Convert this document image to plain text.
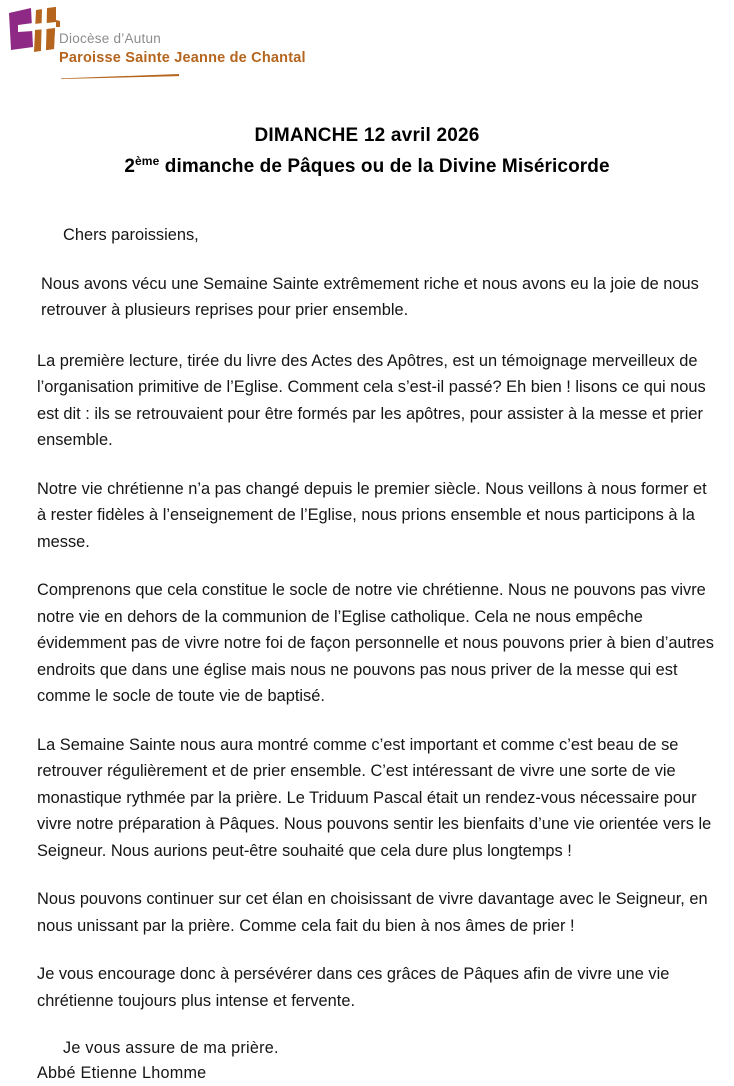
Diocèse d’Autun
Paroisse Sainte Jeanne de Chantal
DIMANCHE 12 avril 2026
2ème dimanche de Pâques ou de la Divine Miséricorde

Chers paroissiens,

Nous avons vécu une Semaine Sainte extrêmement riche et nous avons eu la joie de nous retrouver à plusieurs reprises pour prier ensemble.

La première lecture, tirée du livre des Actes des Apôtres, est un témoignage merveilleux de l’organisation primitive de l’Eglise. Comment cela s’est-il passé? Eh bien ! lisons ce qui nous est dit : ils se retrouvaient pour être formés par les apôtres, pour assister à la messe et prier ensemble.

Notre vie chrétienne n’a pas changé depuis le premier siècle. Nous veillons à nous former et à rester fidèles à l’enseignement de l’Eglise, nous prions ensemble et nous participons à la messe.

Comprenons que cela constitue le socle de notre vie chrétienne. Nous ne pouvons pas vivre notre vie en dehors de la communion de l’Eglise catholique. Cela ne nous empêche évidemment pas de vivre notre foi de façon personnelle et nous pouvons prier à bien d’autres endroits que dans une église mais nous ne pouvons pas nous priver de la messe qui est comme le socle de toute vie de baptisé.

La Semaine Sainte nous aura montré comme c’est important et comme c’est beau de se retrouver régulièrement et de prier ensemble. C’est intéressant de vivre une sorte de vie monastique rythmée par la prière. Le Triduum Pascal était un rendez-vous nécessaire pour vivre notre préparation à Pâques. Nous pouvons sentir les bienfaits d’une vie orientée vers le Seigneur. Nous aurions peut-être souhaité que cela dure plus longtemps !

Nous pouvons continuer sur cet élan en choisissant de vivre davantage avec le Seigneur, en nous unissant par la prière. Comme cela fait du bien à nos âmes de prier !

Je vous encourage donc à persévérer dans ces grâces de Pâques afin de vivre une vie chrétienne toujours plus intense et fervente.

Je vous assure de ma prière.
Abbé Etienne Lhomme
